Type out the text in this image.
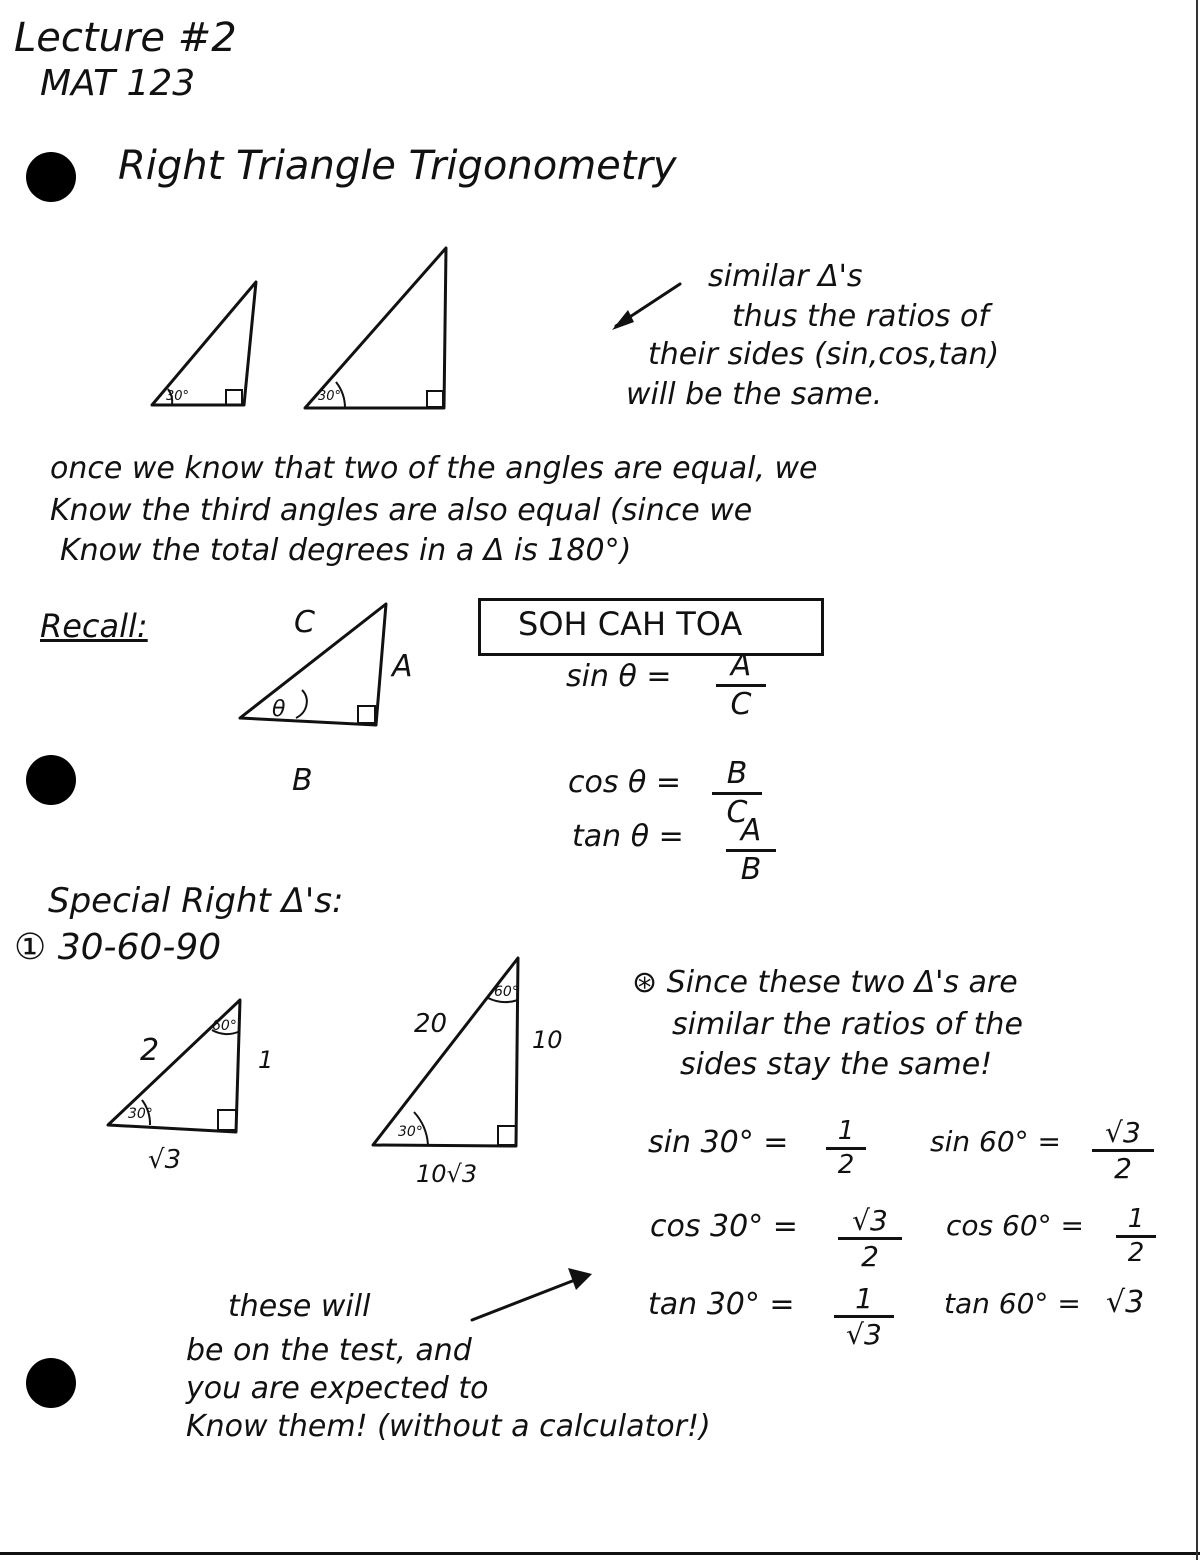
Lecture #2
MAT 123
Right Triangle Trigonometry
similar Δ's
thus the ratios of
their sides (sin,cos,tan)
will be the same.
once we know that two of the angles are equal, we
Know the third angles are also equal (since we
Know the total degrees in a Δ is 180°)
Recall:	SOH CAH TOA
$\sin \theta = \frac{A}{C}$
$\cos \theta = \frac{B}{C}$
$\tan \theta = \frac{A}{B}$
Special Right Δ's:
① 30-60-90
⊛ Since these two Δ's are
similar the ratios of the
sides stay the same!
$\sin 30^\circ = \frac{1}{2}$ $\sin 60^\circ = \frac{√3}{2}$
$\cos 30^\circ = \frac{√3}{2}$ $\cos 60^\circ = \frac{1}{2}$
$\tan 30^\circ = \frac{1}{√3}$ tan 60° = √3
these will
be on the test, and
you are expected to
Know them! (without a calculator!)
30°	30°
C
A
B
θ
2	1
√3
60°
30°
20
10
10√3
60°
30°
